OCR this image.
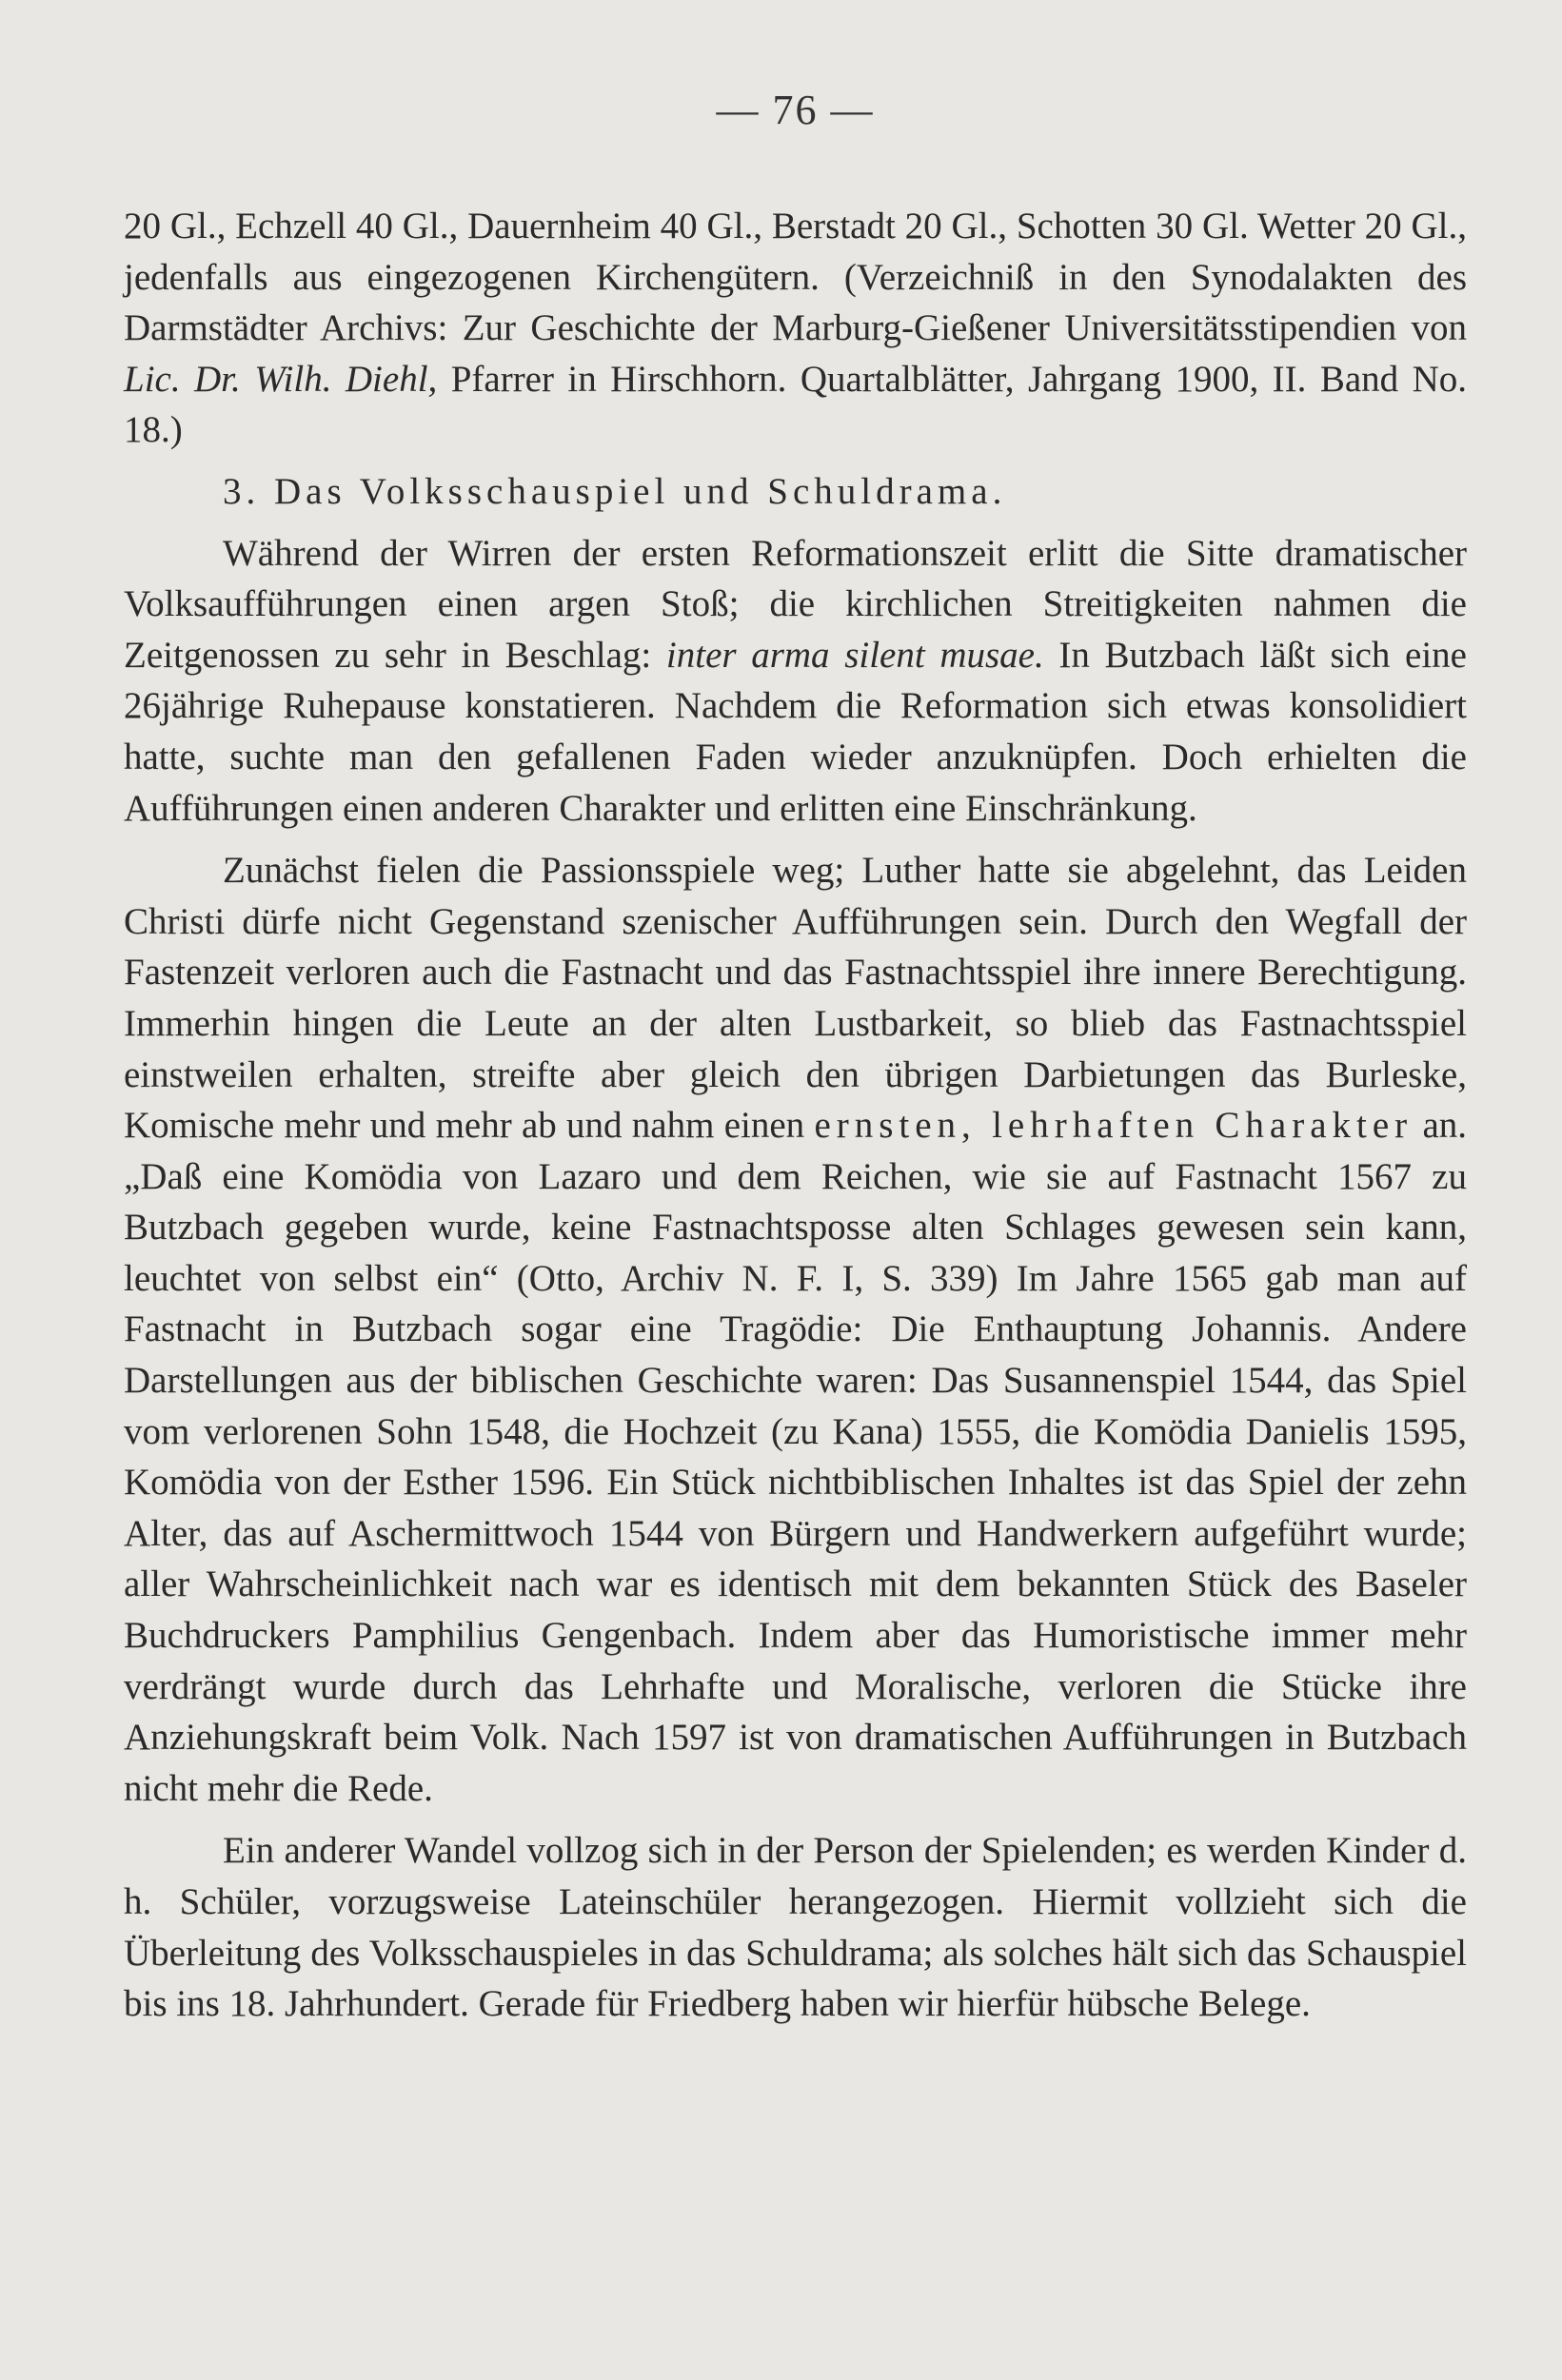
— 76 —

20 Gl., Echzell 40 Gl., Dauernheim 40 Gl., Berstadt 20 Gl., Schotten 30 Gl. Wetter 20 Gl., jedenfalls aus eingezogenen Kirchengütern. (Verzeichniß in den Synodalakten des Darmstädter Archivs: Zur Geschichte der Marburg-Gießener Universitätsstipendien von Lic. Dr. Wilh. Diehl, Pfarrer in Hirschhorn. Quartalblätter, Jahrgang 1900, II. Band No. 18.)

3. Das Volksschauspiel und Schuldrama.

Während der Wirren der ersten Reformationszeit erlitt die Sitte dramatischer Volksaufführungen einen argen Stoß; die kirchlichen Streitigkeiten nahmen die Zeitgenossen zu sehr in Beschlag: inter arma silent musae. In Butzbach läßt sich eine 26jährige Ruhepause konstatieren. Nachdem die Reformation sich etwas konsolidiert hatte, suchte man den gefallenen Faden wieder anzuknüpfen. Doch erhielten die Aufführungen einen anderen Charakter und erlitten eine Einschränkung.

Zunächst fielen die Passionsspiele weg; Luther hatte sie abgelehnt, das Leiden Christi dürfe nicht Gegenstand szenischer Aufführungen sein. Durch den Wegfall der Fastenzeit verloren auch die Fastnacht und das Fastnachtsspiel ihre innere Berechtigung. Immerhin hingen die Leute an der alten Lustbarkeit, so blieb das Fastnachtsspiel einstweilen erhalten, streifte aber gleich den übrigen Darbietungen das Burleske, Komische mehr und mehr ab und nahm einen ernsten, lehrhaften Charakter an. „Daß eine Komödia von Lazaro und dem Reichen, wie sie auf Fastnacht 1567 zu Butzbach gegeben wurde, keine Fastnachtsposse alten Schlages gewesen sein kann, leuchtet von selbst ein“ (Otto, Archiv N. F. I, S. 339) Im Jahre 1565 gab man auf Fastnacht in Butzbach sogar eine Tragödie: Die Enthauptung Johannis. Andere Darstellungen aus der biblischen Geschichte waren: Das Susannenspiel 1544, das Spiel vom verlorenen Sohn 1548, die Hochzeit (zu Kana) 1555, die Komödia Danielis 1595, Komödia von der Esther 1596. Ein Stück nichtbiblischen Inhaltes ist das Spiel der zehn Alter, das auf Aschermittwoch 1544 von Bürgern und Handwerkern aufgeführt wurde; aller Wahrscheinlichkeit nach war es identisch mit dem bekannten Stück des Baseler Buchdruckers Pamphilius Gengenbach. Indem aber das Humoristische immer mehr verdrängt wurde durch das Lehrhafte und Moralische, verloren die Stücke ihre Anziehungskraft beim Volk. Nach 1597 ist von dramatischen Aufführungen in Butzbach nicht mehr die Rede.

Ein anderer Wandel vollzog sich in der Person der Spielenden; es werden Kinder d. h. Schüler, vorzugsweise Lateinschüler herangezogen. Hiermit vollzieht sich die Überleitung des Volksschauspieles in das Schuldrama; als solches hält sich das Schauspiel bis ins 18. Jahrhundert. Gerade für Friedberg haben wir hierfür hübsche Belege.
